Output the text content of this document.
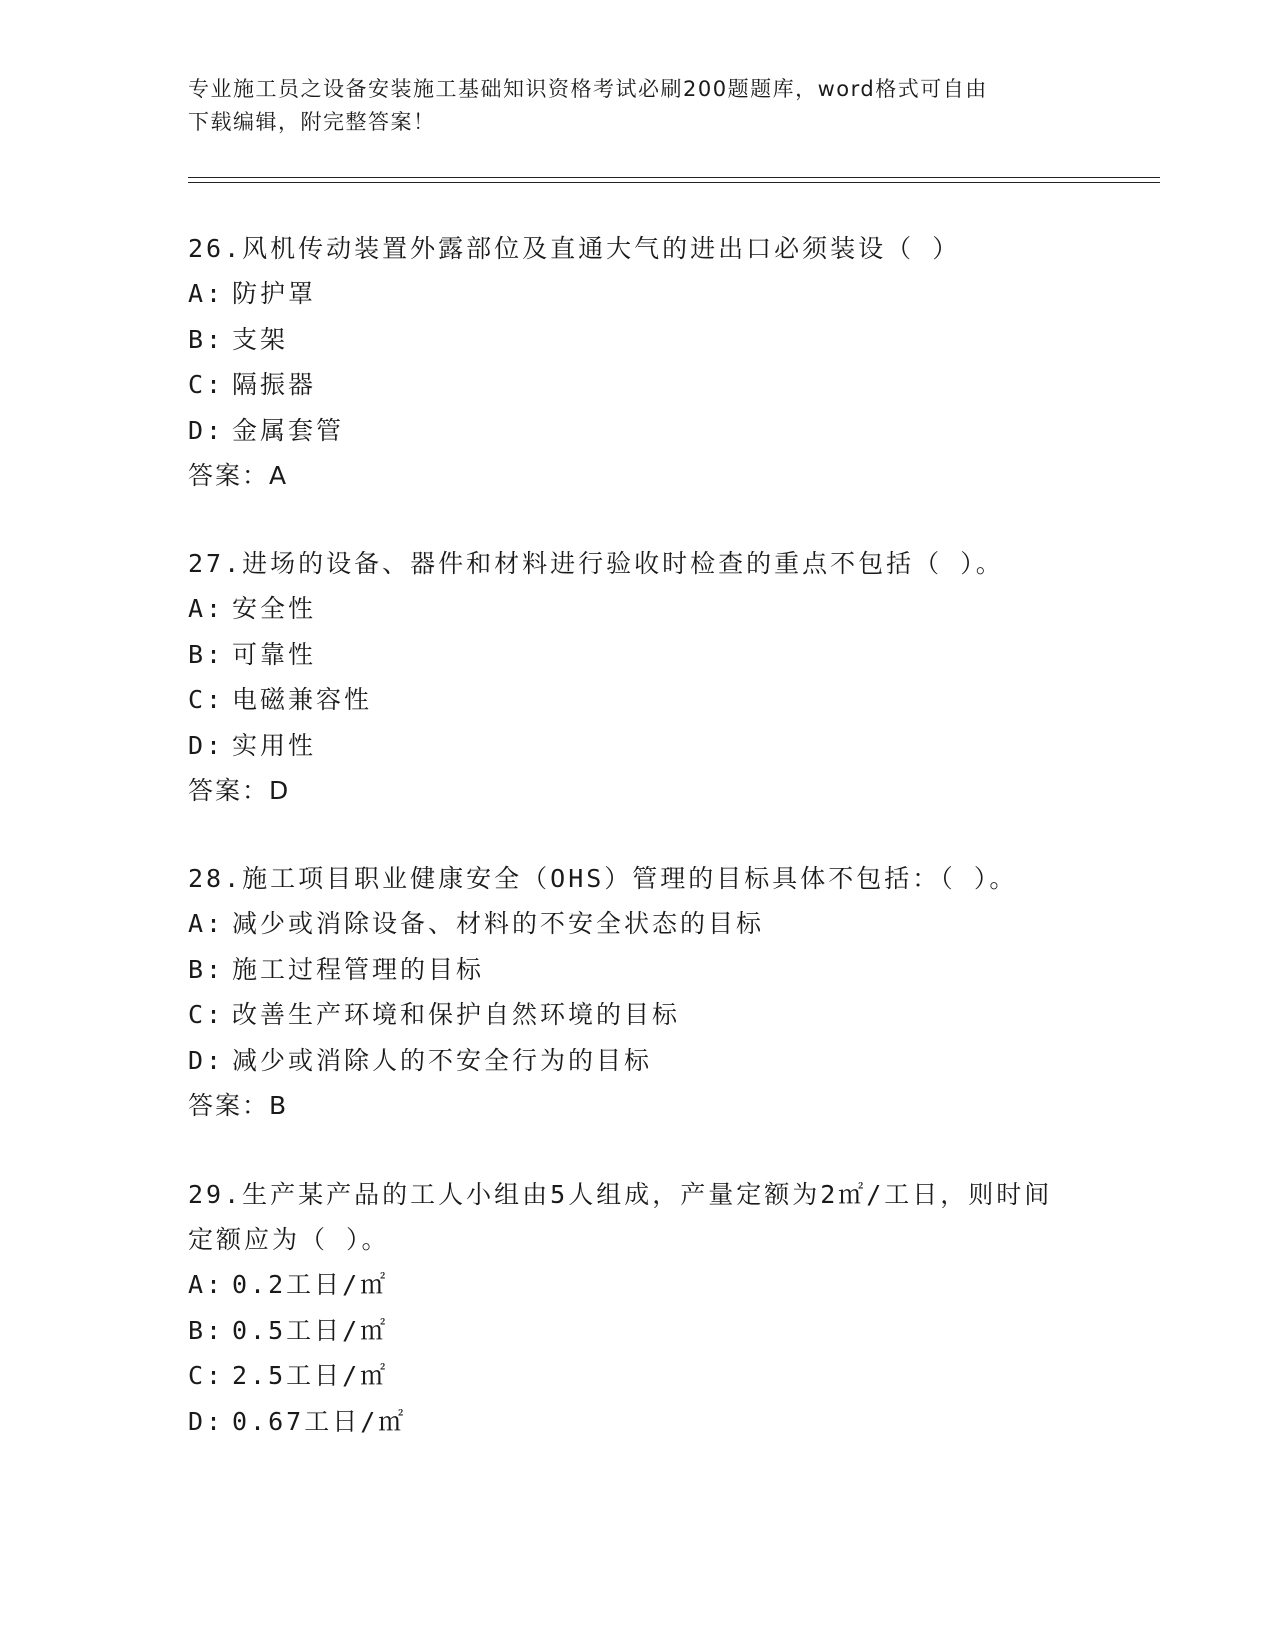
专业施工员之设备安装施工基础知识资格考试必刷200题题库，word格式可自由
下载编辑，附完整答案！

26.风机传动装置外露部位及直通大气的进出口必须装设（ ）

A: 防护罩

B: 支架

C: 隔振器

D: 金属套管

答案：A

27.进场的设备、器件和材料进行验收时检查的重点不包括（ ）。

A: 安全性

B: 可靠性

C: 电磁兼容性

D: 实用性

答案：D

28.施工项目职业健康安全（OHS）管理的目标具体不包括：（ ）。

A: 减少或消除设备、材料的不安全状态的目标

B: 施工过程管理的目标

C: 改善生产环境和保护自然环境的目标

D: 减少或消除人的不安全行为的目标

答案：B

29.生产某产品的工人小组由5人组成，产量定额为2㎡/工日，则时间定额应为（ ）。

A: 0.2工日/㎡

B: 0.5工日/㎡

C: 2.5工日/㎡

D: 0.67工日/㎡
